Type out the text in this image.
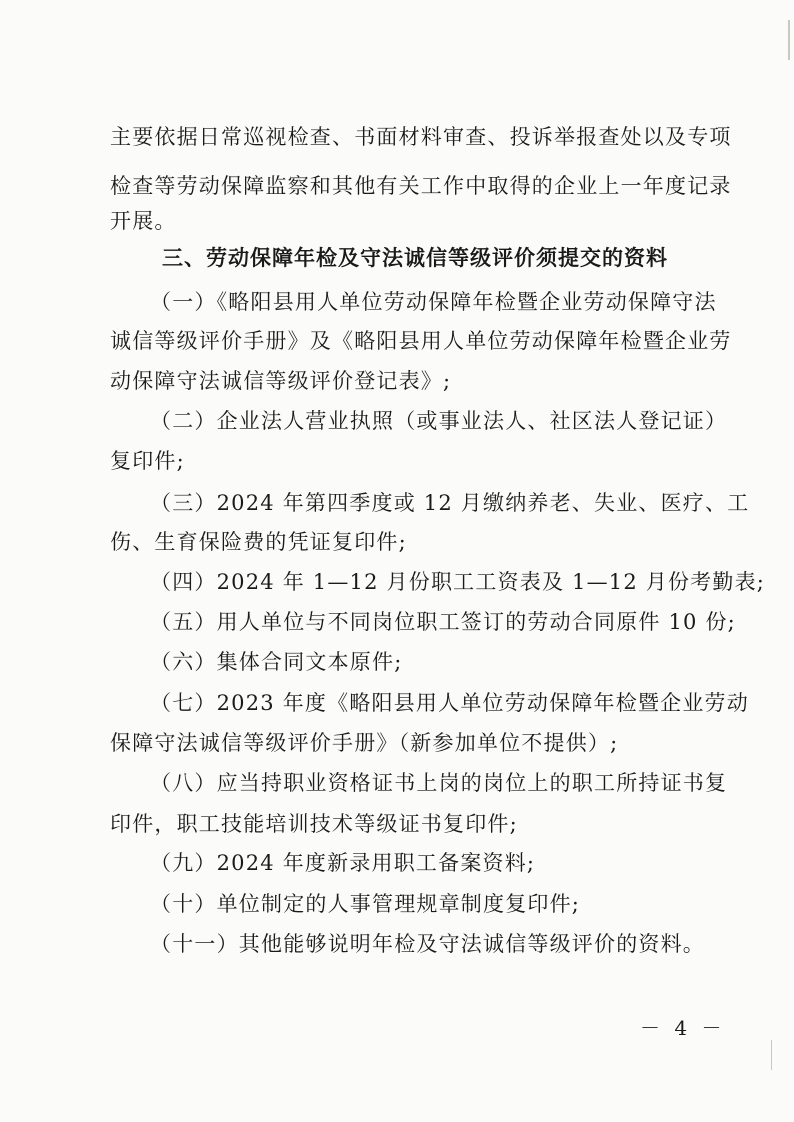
主要依据日常巡视检查、书面材料审查、投诉举报查处以及专项
检查等劳动保障监察和其他有关工作中取得的企业上一年度记录
开展。
三、劳动保障年检及守法诚信等级评价须提交的资料
（一）《略阳县用人单位劳动保障年检暨企业劳动保障守法
诚信等级评价手册》及《略阳县用人单位劳动保障年检暨企业劳
动保障守法诚信等级评价登记表》;
（二）企业法人营业执照（或事业法人、社区法人登记证）
复印件;
（三）2024 年第四季度或 12 月缴纳养老、失业、医疗、工
伤、生育保险费的凭证复印件;
（四）2024 年 1—12 月份职工工资表及 1—12 月份考勤表;
（五）用人单位与不同岗位职工签订的劳动合同原件 10 份;
（六）集体合同文本原件;
（七）2023 年度《略阳县用人单位劳动保障年检暨企业劳动
保障守法诚信等级评价手册》（新参加单位不提供）;
（八）应当持职业资格证书上岗的岗位上的职工所持证书复
印件，职工技能培训技术等级证书复印件;
（九）2024 年度新录用职工备案资料;
（十）单位制定的人事管理规章制度复印件;
（十一）其他能够说明年检及守法诚信等级评价的资料。
－ 4 －
